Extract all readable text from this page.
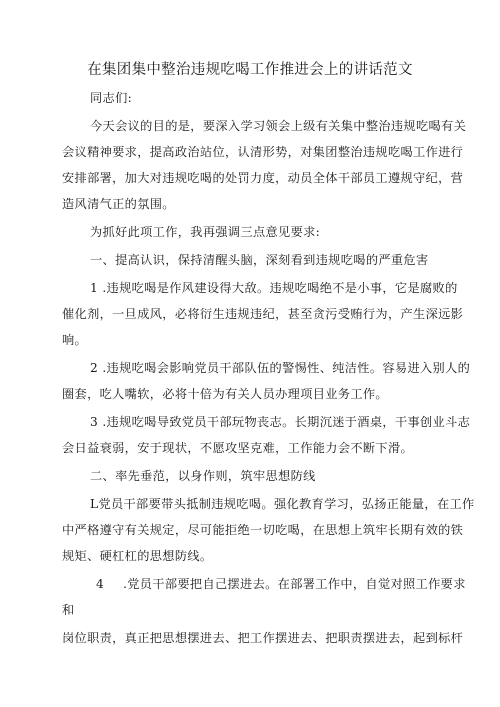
在集团集中整治违规吃喝工作推进会上的讲话范文
同志们:
今天会议的目的是，要深入学习领会上级有关集中整治违规吃喝有关
会议精神要求，提高政治站位，认清形势，对集团整治违规吃喝工作进行
安排部署，加大对违规吃喝的处罚力度，动员全体干部员工遵规守纪，营
造风清气正的氛围。
为抓好此项工作，我再强调三点意见要求:
一、提高认识，保持清醒头脑，深刻看到违规吃喝的严重危害
1 .违规吃喝是作风建设得大敌。违规吃喝绝不是小事，它是腐败的
催化剂，一旦成风，必将衍生违规违纪，甚至贪污受贿行为，产生深远影
响。
2 .违规吃喝会影响党员干部队伍的警惕性、纯洁性。容易进入别人的
圈套，吃人嘴软，必将十倍为有关人员办理项目业务工作。
3 .违规吃喝导致党员干部玩物丧志。长期沉迷于酒桌，干事创业斗志
会日益衰弱，安于现状，不愿攻坚克难，工作能力会不断下滑。
二、率先垂范，以身作则，筑牢思想防线
L党员干部要带头抵制违规吃喝。强化教育学习，弘扬正能量，在工作
中严格遵守有关规定，尽可能拒绝一切吃喝，在思想上筑牢长期有效的铁
规矩、硬杠杠的思想防线。
4 .党员干部要把自己摆进去。在部署工作中，自觉对照工作要求
和
岗位职责，真正把思想摆进去、把工作摆进去、把职责摆进去，起到标杆
